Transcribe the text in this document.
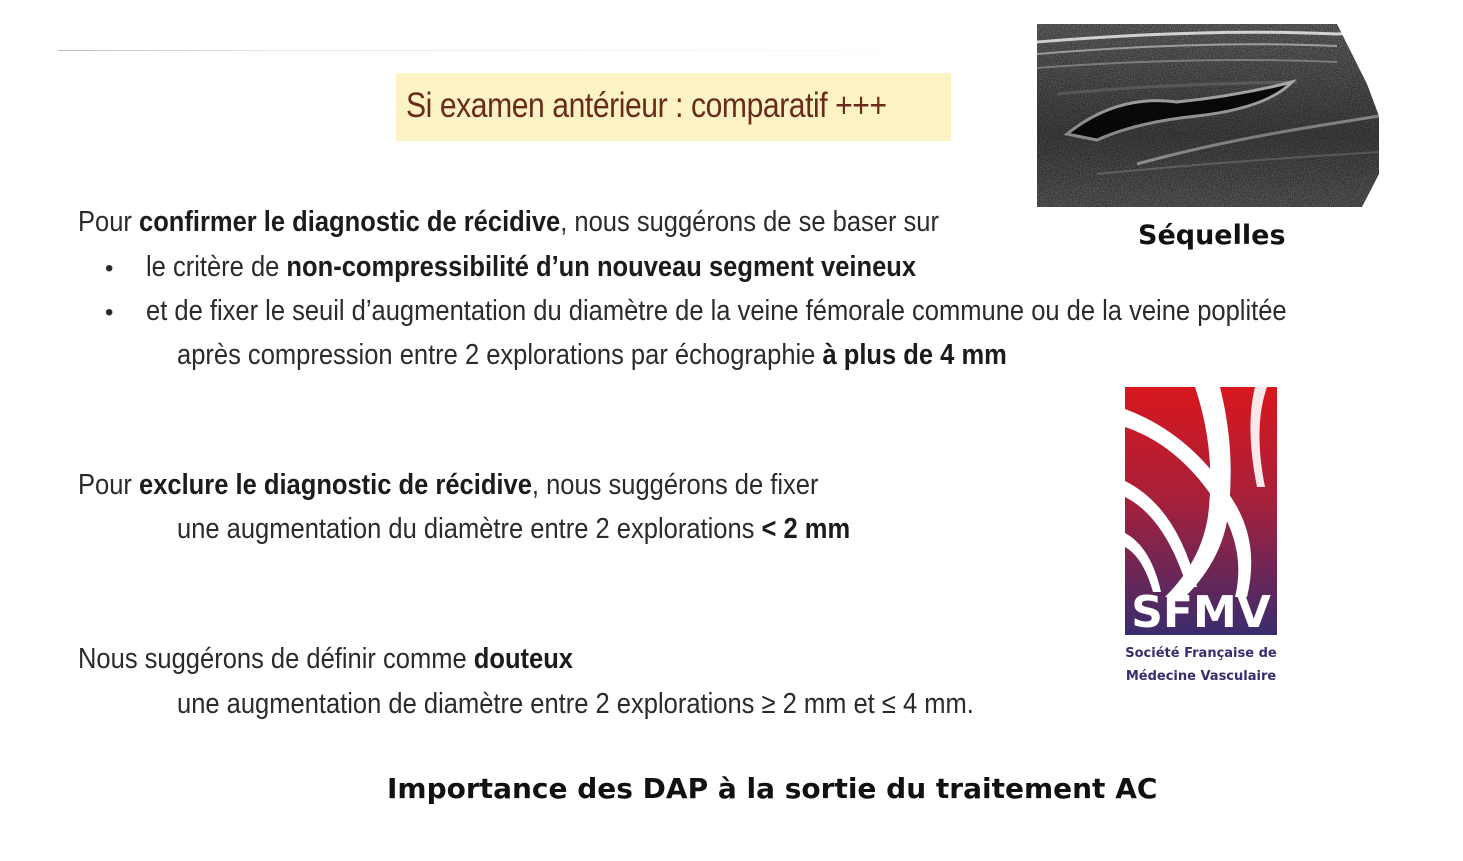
Si examen antérieur : comparatif +++
Pour confirmer le diagnostic de récidive, nous suggérons de se baser sur
• le critère de non-compressibilité d’un nouveau segment veineux
• et de fixer le seuil d’augmentation du diamètre de la veine fémorale commune ou de la veine poplitée
après compression entre 2 explorations par échographie à plus de 4 mm
Pour exclure le diagnostic de récidive, nous suggérons de fixer
une augmentation du diamètre entre 2 explorations < 2 mm
Nous suggérons de définir comme douteux
une augmentation de diamètre entre 2 explorations ≥ 2 mm et ≤ 4 mm.
Séquelles
SFMV
Société Française de
Médecine Vasculaire
Importance des DAP à la sortie du traitement AC
